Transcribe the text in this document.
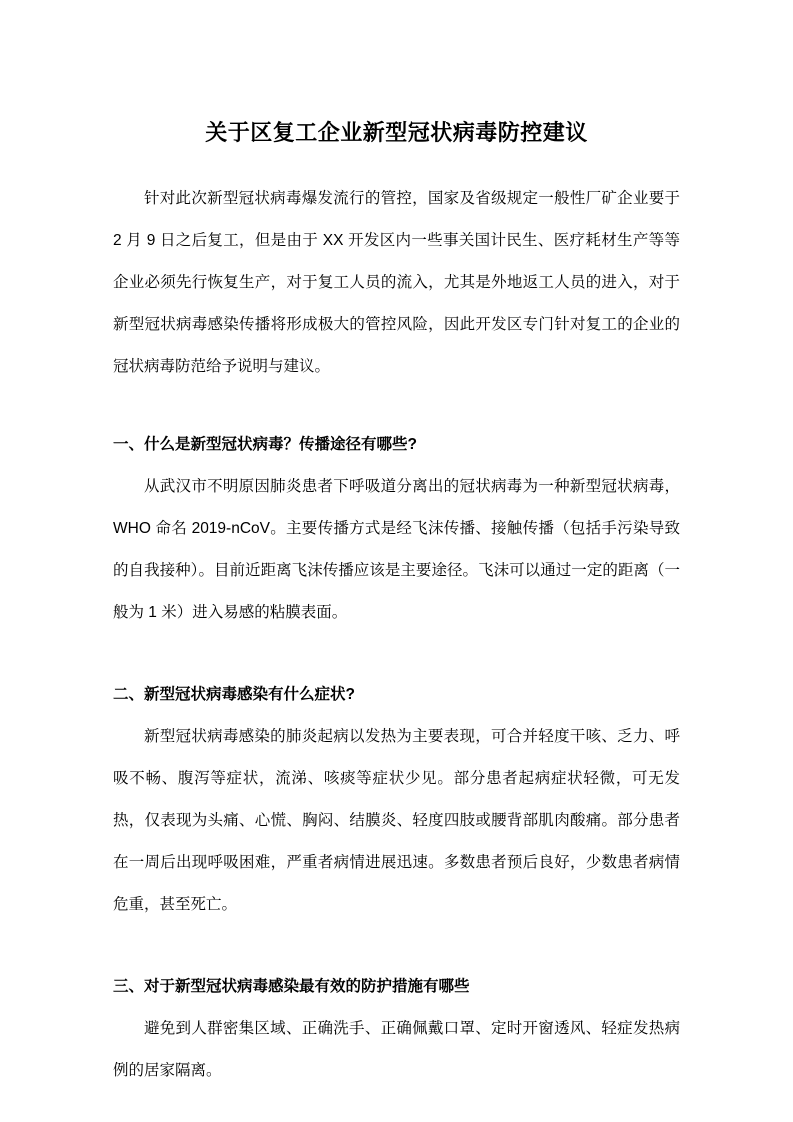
关于区复工企业新型冠状病毒防控建议

针对此次新型冠状病毒爆发流行的管控，国家及省级规定一般性厂矿企业要于 2 月 9 日之后复工，但是由于 XX 开发区内一些事关国计民生、医疗耗材生产等等企业必须先行恢复生产，对于复工人员的流入，尤其是外地返工人员的进入，对于新型冠状病毒感染传播将形成极大的管控风险，因此开发区专门针对复工的企业的冠状病毒防范给予说明与建议。

一、什么是新型冠状病毒？传播途径有哪些?

从武汉市不明原因肺炎患者下呼吸道分离出的冠状病毒为一种新型冠状病毒，WHO 命名 2019-nCoV。主要传播方式是经飞沫传播、接触传播（包括手污染导致的自我接种）。目前近距离飞沫传播应该是主要途径。飞沫可以通过一定的距离（一般为 1 米）进入易感的粘膜表面。

二、新型冠状病毒感染有什么症状?

新型冠状病毒感染的肺炎起病以发热为主要表现，可合并轻度干咳、乏力、呼吸不畅、腹泻等症状，流涕、咳痰等症状少见。部分患者起病症状轻微，可无发热，仅表现为头痛、心慌、胸闷、结膜炎、轻度四肢或腰背部肌肉酸痛。部分患者在一周后出现呼吸困难，严重者病情进展迅速。多数患者预后良好，少数患者病情危重，甚至死亡。

三、对于新型冠状病毒感染最有效的防护措施有哪些

避免到人群密集区域、正确洗手、正确佩戴口罩、定时开窗透风、轻症发热病例的居家隔离。
